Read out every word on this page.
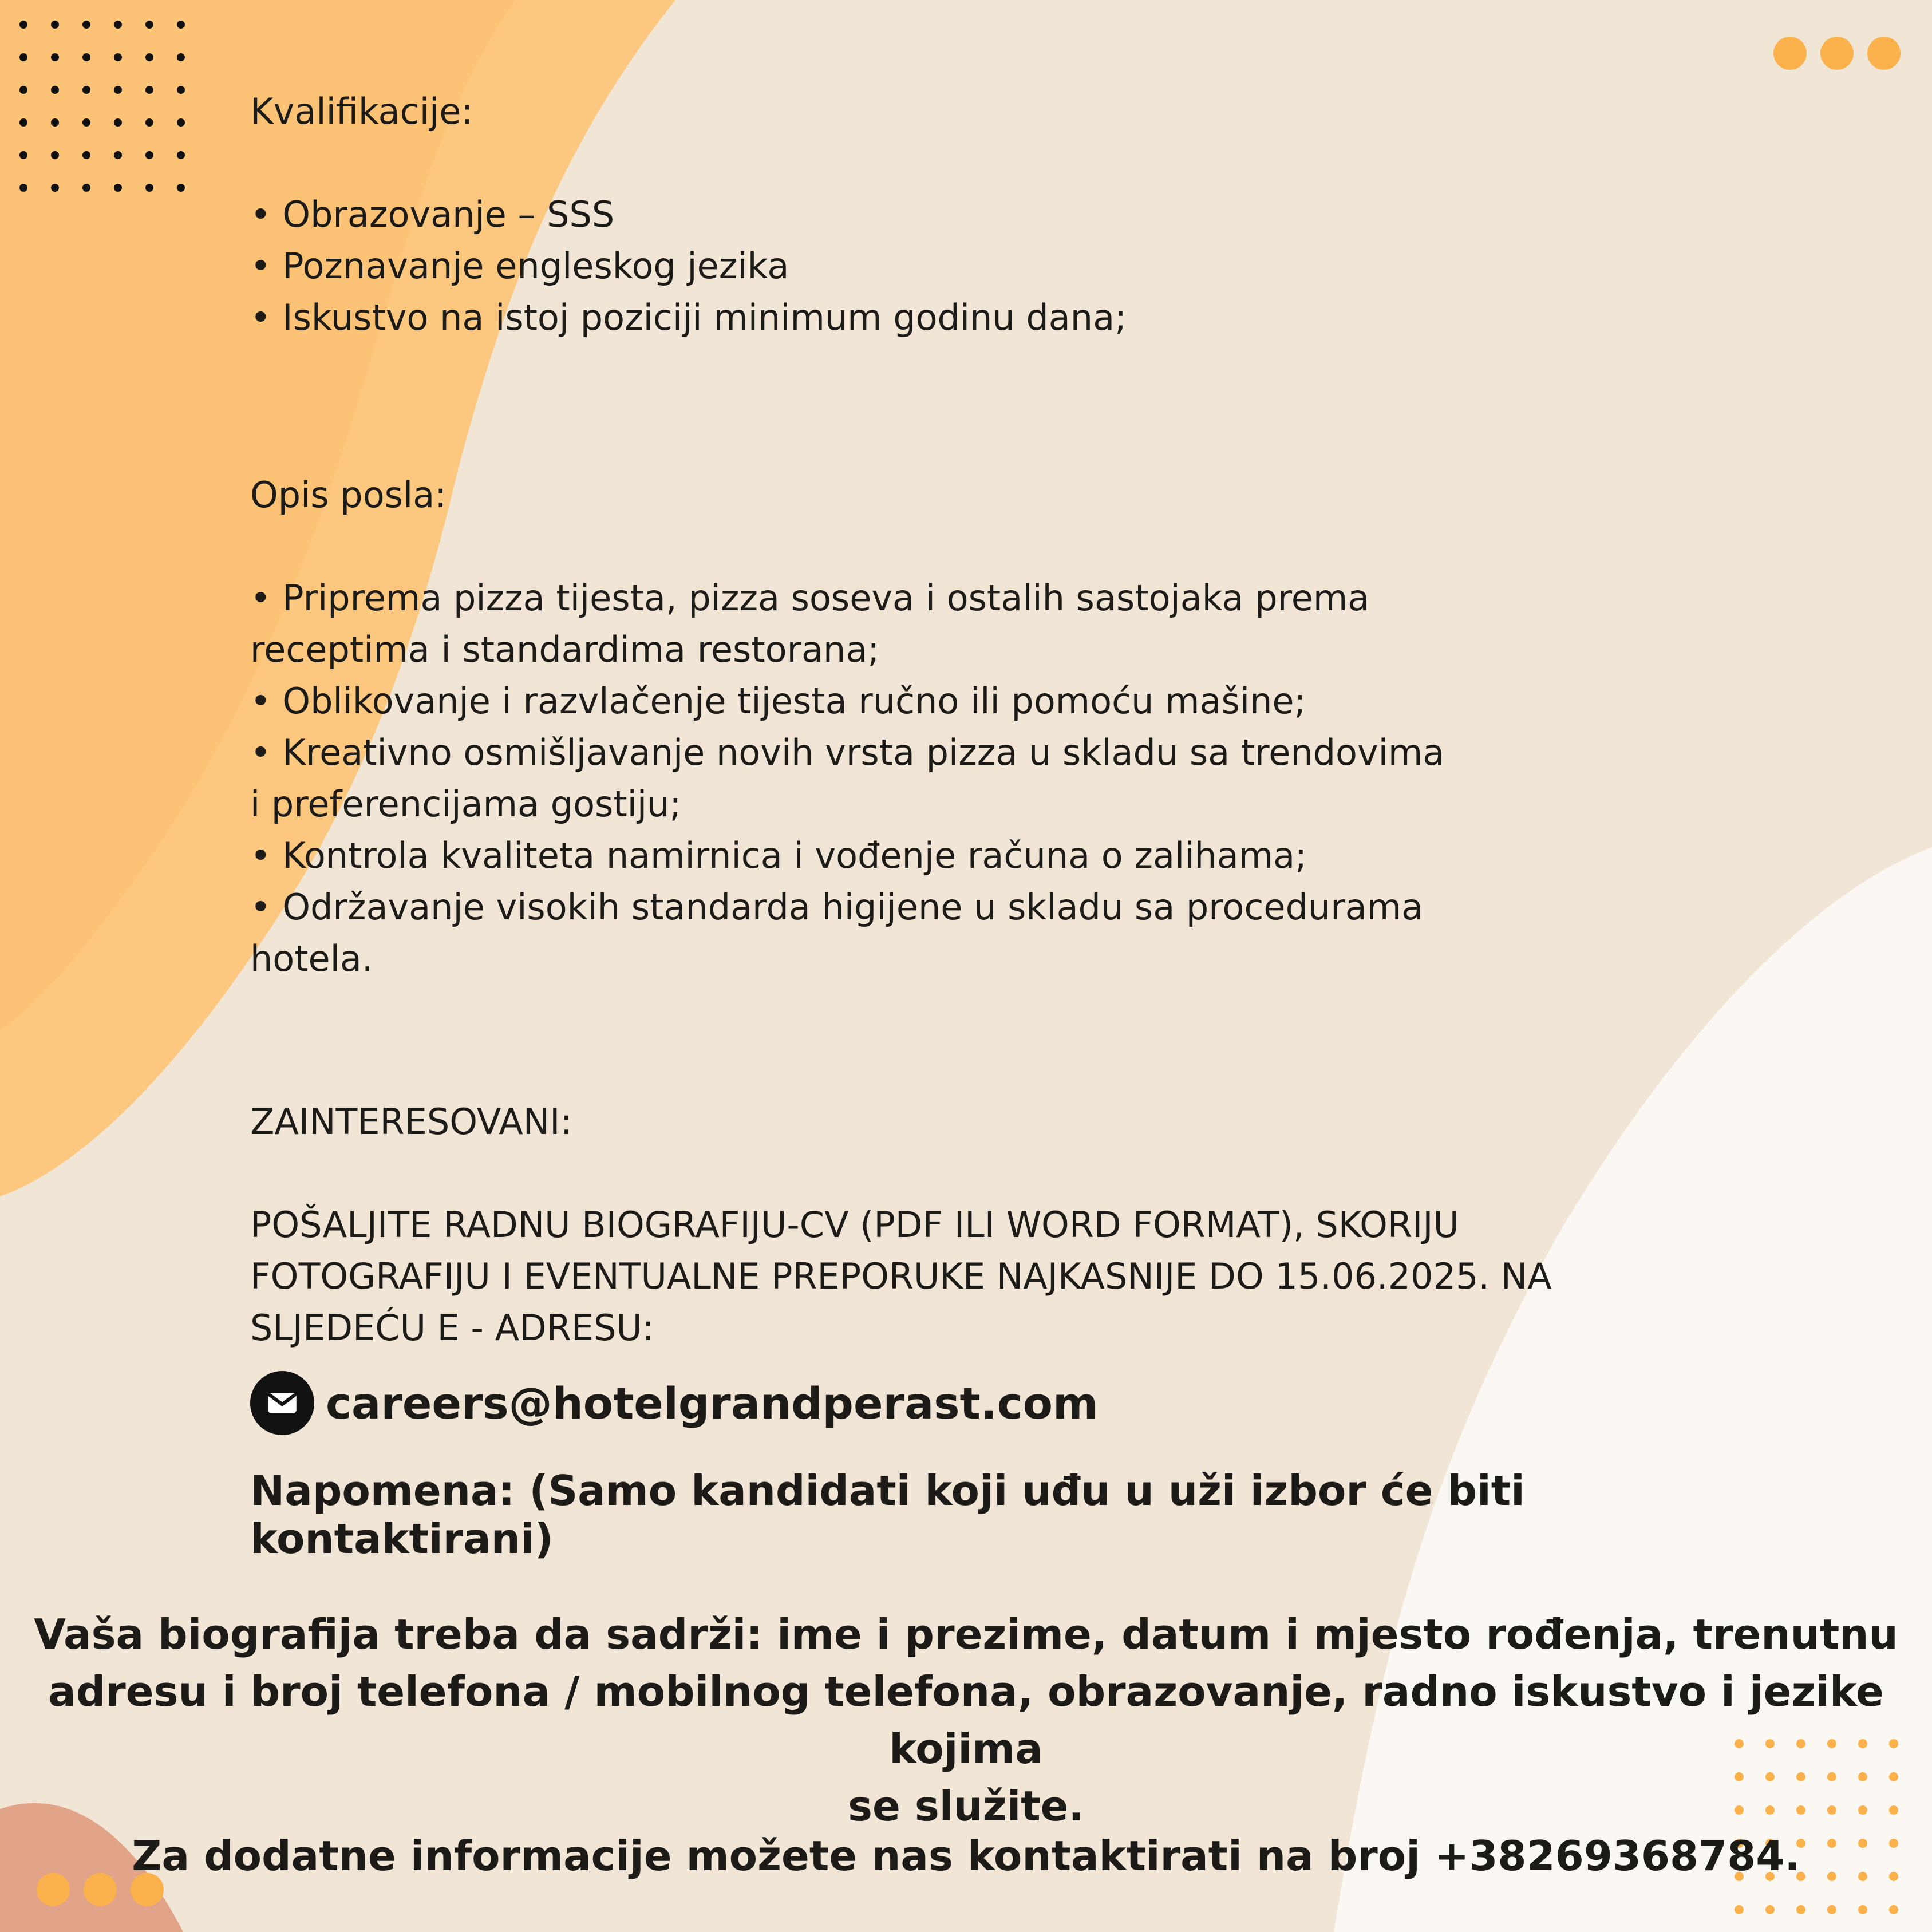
Kvalifikacije:

• Obrazovanje – SSS

• Poznavanje engleskog jezika

• Iskustvo na istoj poziciji minimum godinu dana;

Opis posla:

• Priprema pizza tijesta, pizza soseva i ostalih sastojaka prema
receptima i standardima restorana;

• Oblikovanje i razvlačenje tijesta ručno ili pomoću mašine;

• Kreativno osmišljavanje novih vrsta pizza u skladu sa trendovima
i preferencijama gostiju;

• Kontrola kvaliteta namirnica i vođenje računa o zalihama;

• Održavanje visokih standarda higijene u skladu sa procedurama
hotela.

ZAINTERESOVANI:

POŠALJITE RADNU BIOGRAFIJU-CV (PDF ILI WORD FORMAT), SKORIJU
FOTOGRAFIJU I EVENTUALNE PREPORUKE NAJKASNIJE DO 15.06.2025. NA
SLJEDEĆU E - ADRESU:

careers@hotelgrandperast.com

Napomena: (Samo kandidati koji uđu u uži izbor će biti kontaktirani)

Vaša biografija treba da sadrži: ime i prezime, datum i mjesto rođenja, trenutnu
adresu i broj telefona / mobilnog telefona, obrazovanje, radno iskustvo i jezike kojima
se služite.

Za dodatne informacije možete nas kontaktirati na broj +38269368784.
